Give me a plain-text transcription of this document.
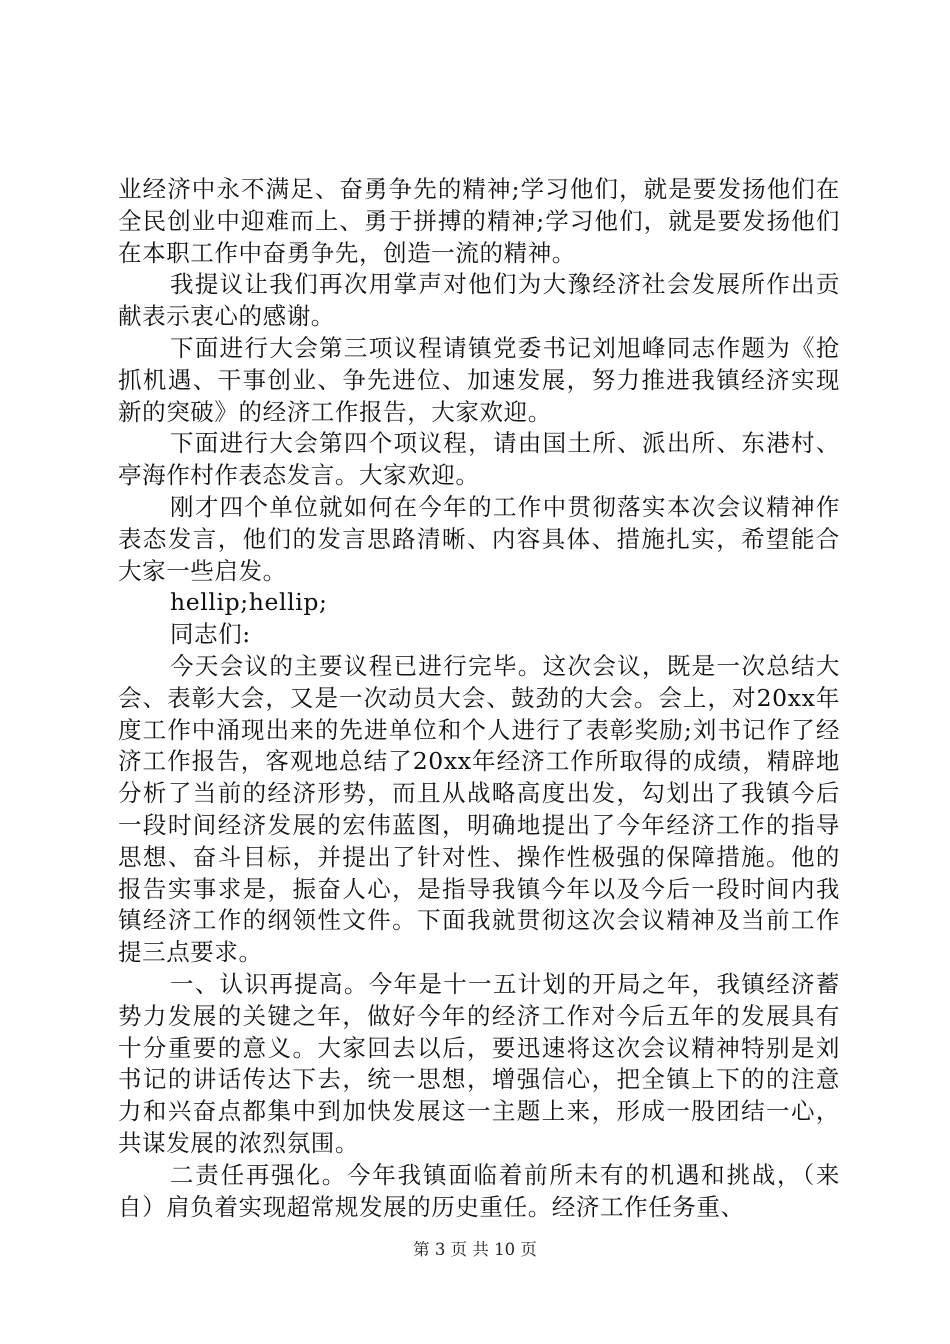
业经济中永不满足、奋勇争先的精神;学习他们，就是要发扬他们在全民创业中迎难而上、勇于拼搏的精神;学习他们，就是要发扬他们在本职工作中奋勇争先，创造一流的精神。

我提议让我们再次用掌声对他们为大豫经济社会发展所作出贡献表示衷心的感谢。

下面进行大会第三项议程请镇党委书记刘旭峰同志作题为《抢抓机遇、干事创业、争先进位、加速发展，努力推进我镇经济实现新的突破》的经济工作报告，大家欢迎。

下面进行大会第四个项议程，请由国土所、派出所、东港村、亭海作村作表态发言。大家欢迎。

刚才四个单位就如何在今年的工作中贯彻落实本次会议精神作表态发言，他们的发言思路清晰、内容具体、措施扎实，希望能合大家一些启发。

hellip;hellip;

同志们:

今天会议的主要议程已进行完毕。这次会议，既是一次总结大会、表彰大会，又是一次动员大会、鼓劲的大会。会上，对20xx年度工作中涌现出来的先进单位和个人进行了表彰奖励;刘书记作了经济工作报告，客观地总结了20xx年经济工作所取得的成绩，精辟地分析了当前的经济形势，而且从战略高度出发，勾划出了我镇今后一段时间经济发展的宏伟蓝图，明确地提出了今年经济工作的指导思想、奋斗目标，并提出了针对性、操作性极强的保障措施。他的报告实事求是，振奋人心，是指导我镇今年以及今后一段时间内我镇经济工作的纲领性文件。下面我就贯彻这次会议精神及当前工作提三点要求。

一、认识再提高。今年是十一五计划的开局之年，我镇经济蓄势力发展的关键之年，做好今年的经济工作对今后五年的发展具有十分重要的意义。大家回去以后，要迅速将这次会议精神特别是刘书记的讲话传达下去，统一思想，增强信心，把全镇上下的的注意力和兴奋点都集中到加快发展这一主题上来，形成一股团结一心，共谋发展的浓烈氛围。

二责任再强化。今年我镇面临着前所未有的机遇和挑战，（来自）肩负着实现超常规发展的历史重任。经济工作任务重、

第 3 页 共 10 页
